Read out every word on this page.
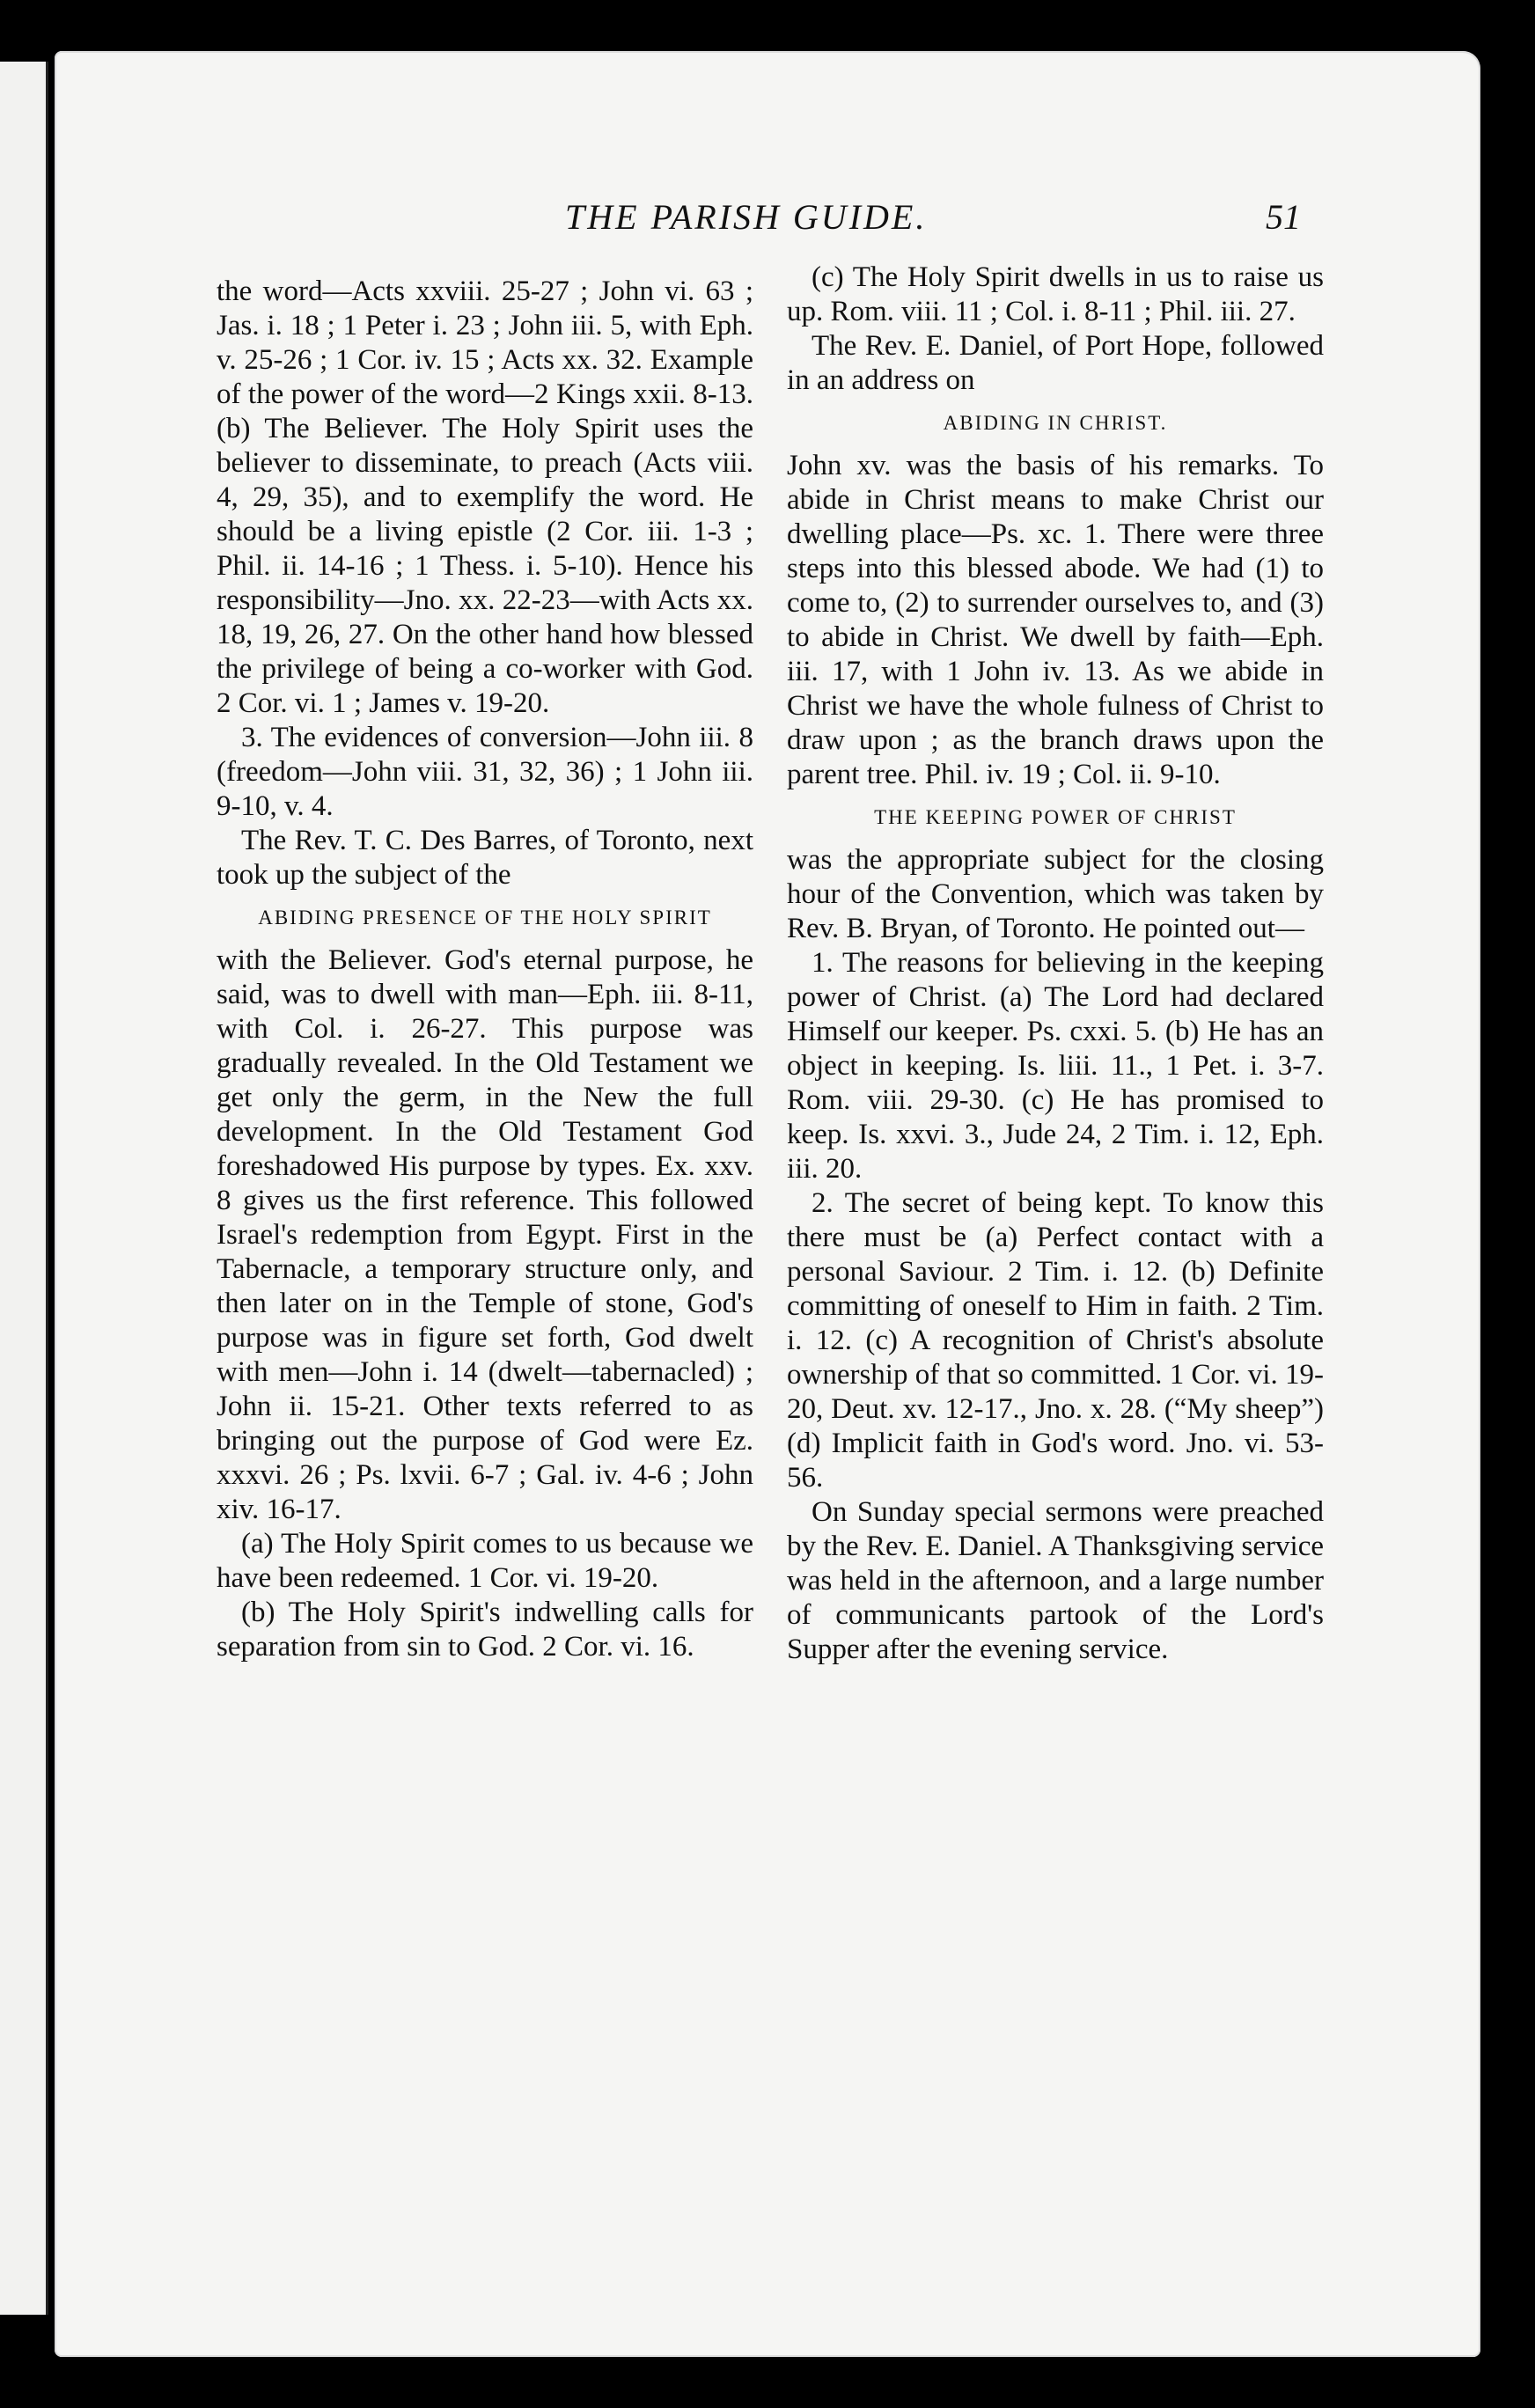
THE PARISH GUIDE.	51

the word—Acts xxviii. 25-27 ; John vi. 63 ; Jas. i. 18 ; 1 Peter i. 23 ; John iii. 5, with Eph. v. 25-26 ; 1 Cor. iv. 15 ; Acts xx. 32. Example of the power of the word—2 Kings xxii. 8-13. (b) The Believer. The Holy Spirit uses the believer to disseminate, to preach (Acts viii. 4, 29, 35), and to exemplify the word. He should be a living epistle (2 Cor. iii. 1-3 ; Phil. ii. 14-16 ; 1 Thess. i. 5-10). Hence his responsibility—Jno. xx. 22-23—with Acts xx. 18, 19, 26, 27. On the other hand how blessed the privilege of being a co-worker with God. 2 Cor. vi. 1 ; James v. 19-20.

3. The evidences of conversion—John iii. 8 (freedom—John viii. 31, 32, 36) ; 1 John iii. 9-10, v. 4.

The Rev. T. C. Des Barres, of Toronto, next took up the subject of the

ABIDING PRESENCE OF THE HOLY SPIRIT

with the Believer. God's eternal purpose, he said, was to dwell with man—Eph. iii. 8-11, with Col. i. 26-27. This purpose was gradually revealed. In the Old Testament we get only the germ, in the New the full development. In the Old Testament God foreshadowed His purpose by types. Ex. xxv. 8 gives us the first reference. This followed Israel's redemption from Egypt. First in the Tabernacle, a temporary structure only, and then later on in the Temple of stone, God's purpose was in figure set forth, God dwelt with men—John i. 14 (dwelt—tabernacled) ; John ii. 15-21. Other texts referred to as bringing out the purpose of God were Ez. xxxvi. 26 ; Ps. lxvii. 6-7 ; Gal. iv. 4-6 ; John xiv. 16-17.

(a) The Holy Spirit comes to us because we have been redeemed. 1 Cor. vi. 19-20.

(b) The Holy Spirit's indwelling calls for separation from sin to God. 2 Cor. vi. 16.

(c) The Holy Spirit dwells in us to raise us up. Rom. viii. 11 ; Col. i. 8-11 ; Phil. iii. 27.

The Rev. E. Daniel, of Port Hope, followed in an address on

ABIDING IN CHRIST.

John xv. was the basis of his remarks. To abide in Christ means to make Christ our dwelling place—Ps. xc. 1. There were three steps into this blessed abode. We had (1) to come to, (2) to surrender ourselves to, and (3) to abide in Christ. We dwell by faith—Eph. iii. 17, with 1 John iv. 13. As we abide in Christ we have the whole fulness of Christ to draw upon ; as the branch draws upon the parent tree. Phil. iv. 19 ; Col. ii. 9-10.

THE KEEPING POWER OF CHRIST

was the appropriate subject for the closing hour of the Convention, which was taken by Rev. B. Bryan, of Toronto. He pointed out—

1. The reasons for believing in the keeping power of Christ. (a) The Lord had declared Himself our keeper. Ps. cxxi. 5. (b) He has an object in keeping. Is. liii. 11., 1 Pet. i. 3-7. Rom. viii. 29-30. (c) He has promised to keep. Is. xxvi. 3., Jude 24, 2 Tim. i. 12, Eph. iii. 20.

2. The secret of being kept. To know this there must be (a) Perfect contact with a personal Saviour. 2 Tim. i. 12. (b) Definite committing of oneself to Him in faith. 2 Tim. i. 12. (c) A recognition of Christ's absolute ownership of that so committed. 1 Cor. vi. 19-20, Deut. xv. 12-17., Jno. x. 28. (“My sheep”) (d) Implicit faith in God's word. Jno. vi. 53-56.

On Sunday special sermons were preached by the Rev. E. Daniel. A Thanksgiving service was held in the afternoon, and a large number of communicants partook of the Lord's Supper after the evening service.
